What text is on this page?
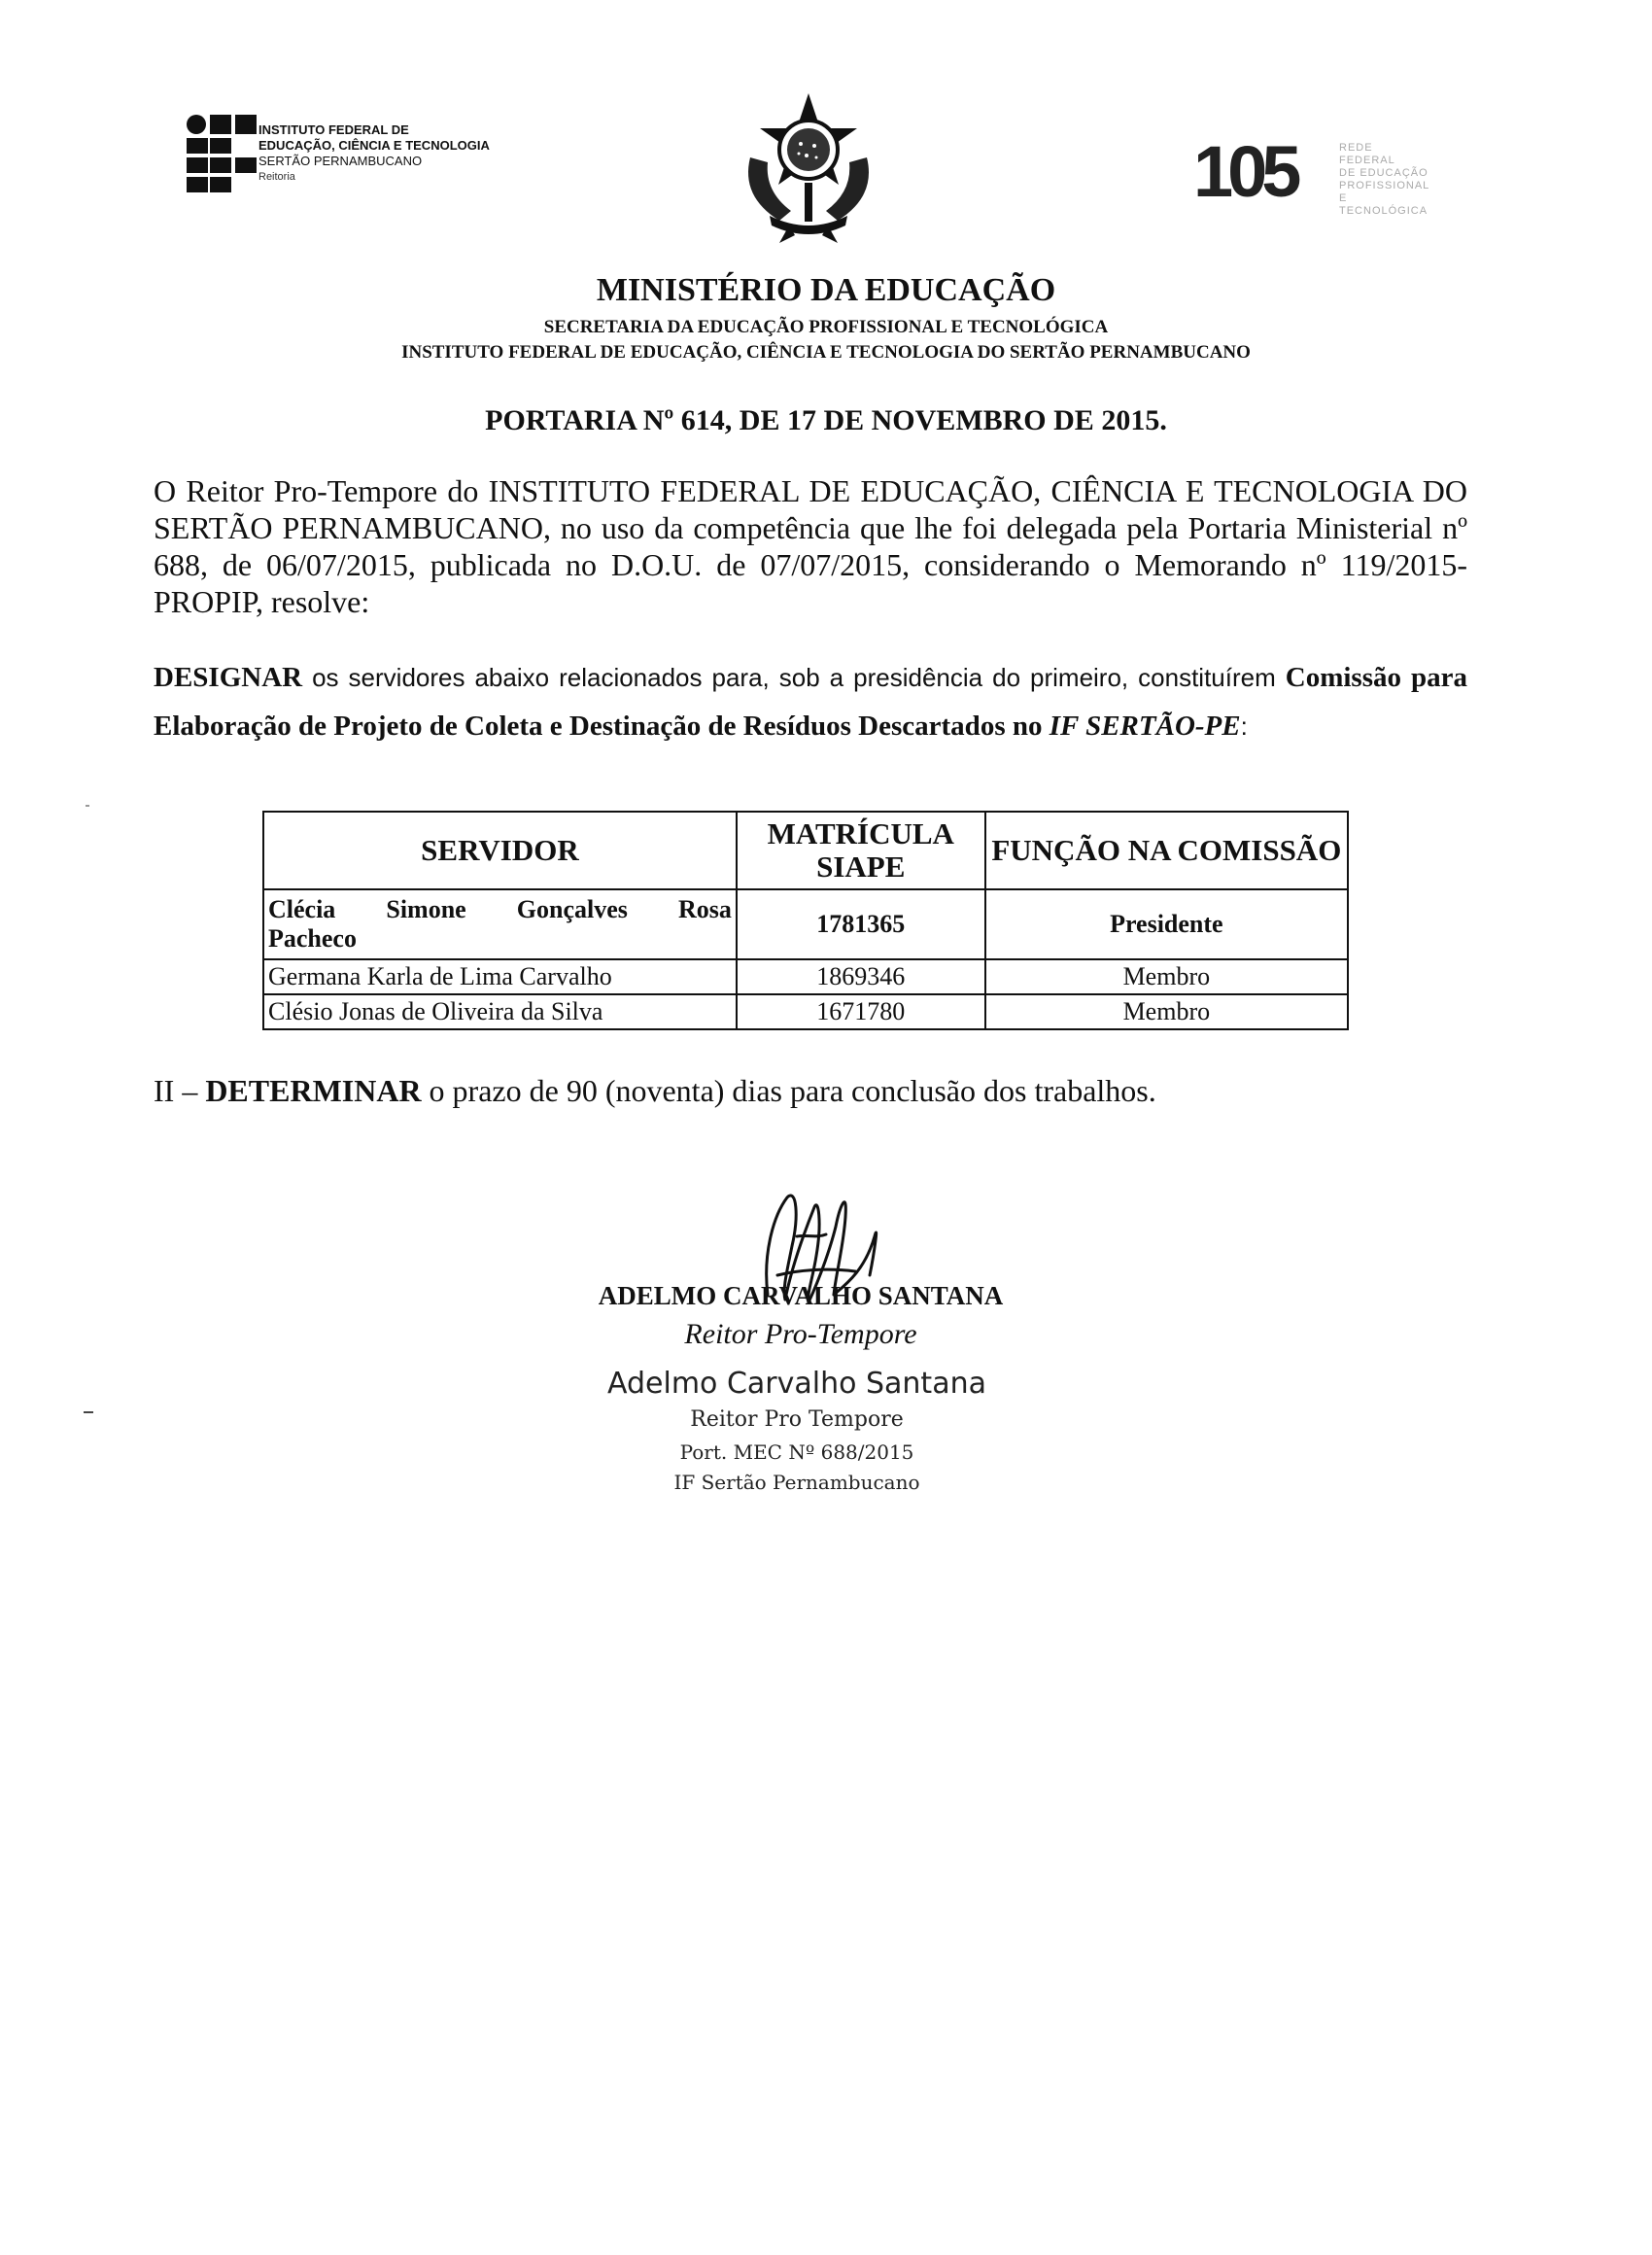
INSTITUTO FEDERAL DE
EDUCAÇÃO, CIÊNCIA E TECNOLOGIA
SERTÃO PERNAMBUCANO
Reitoria	105	REDE FEDERAL
DE EDUCAÇÃO
PROFISSIONAL
E TECNOLÓGICA
MINISTÉRIO DA EDUCAÇÃO
SECRETARIA DA EDUCAÇÃO PROFISSIONAL E TECNOLÓGICA
INSTITUTO FEDERAL DE EDUCAÇÃO, CIÊNCIA E TECNOLOGIA DO SERTÃO PERNAMBUCANO
PORTARIA Nº 614, DE 17 DE NOVEMBRO DE 2015.
O Reitor Pro-Tempore do INSTITUTO FEDERAL DE EDUCAÇÃO, CIÊNCIA E TECNOLOGIA DO SERTÃO PERNAMBUCANO, no uso da competência que lhe foi delegada pela Portaria Ministerial nº 688, de 06/07/2015, publicada no D.O.U. de 07/07/2015, considerando o Memorando nº 119/2015-PROPIP, resolve:
DESIGNAR os servidores abaixo relacionados para, sob a presidência do primeiro, constituírem Comissão para Elaboração de Projeto de Coleta e Destinação de Resíduos Descartados no IF SERTÃO-PE:
SERVIDOR	MATRÍCULA SIAPE	FUNÇÃO NA COMISSÃO
Clécia Simone Gonçalves Rosa
Pacheco	1781365	Presidente
Germana Karla de Lima Carvalho	1869346	Membro
Clésio Jonas de Oliveira da Silva	1671780	Membro
II – DETERMINAR o prazo de 90 (noventa) dias para conclusão dos trabalhos.
ADELMO CARVALHO SANTANA
Reitor Pro-Tempore
Adelmo Carvalho Santana
Reitor Pro Tempore
Port. MEC Nº 688/2015
IF Sertão Pernambucano
